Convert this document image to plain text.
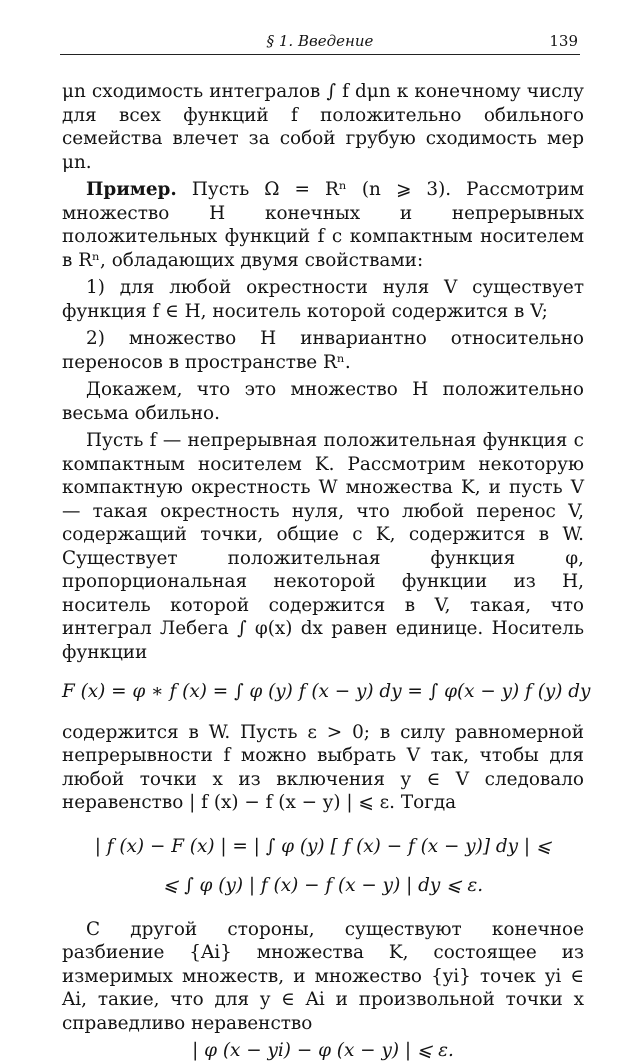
§ 1. Введение	139

μn сходимость интегралов ∫ f dμn к конечному числу для всех функций f положительно обильного семейства влечет за собой грубую сходимость мер μn.

Пример. Пусть Ω = Rⁿ (n ⩾ 3). Рассмотрим множество H конечных и непрерывных положительных функций f с компактным носителем в Rⁿ, обладающих двумя свойствами:

1) для любой окрестности нуля V существует функция f ∈ H, носитель которой содержится в V;

2) множество H инвариантно относительно переносов в пространстве Rⁿ.

Докажем, что это множество H положительно весьма обильно.

Пусть f — непрерывная положительная функция с компактным носителем K. Рассмотрим некоторую компактную окрестность W множества K, и пусть V — такая окрестность нуля, что любой перенос V, содержащий точки, общие с K, содержится в W. Существует положительная функция φ, пропорциональная некоторой функции из H, носитель которой содержится в V, такая, что интеграл Лебега ∫ φ(x) dx равен единице. Носитель функции

F (x) = φ ∗ f (x) = ∫ φ (y) f (x − y) dy = ∫ φ(x − y) f (y) dy

содержится в W. Пусть ε > 0; в силу равномерной непрерывности f можно выбрать V так, чтобы для любой точки x из включения y ∈ V следовало неравенство | f (x) − f (x − y) | ⩽ ε. Тогда

| f (x) − F (x) | = | ∫ φ (y) [ f (x) − f (x − y)] dy | ⩽
⩽ ∫ φ (y) | f (x) − f (x − y) | dy ⩽ ε.

С другой стороны, существуют конечное разбиение {Ai} множества K, состоящее из измеримых множеств, и множество {yi} точек yi ∈ Ai, такие, что для y ∈ Ai и произвольной точки x справедливо неравенство

| φ (x − yi) − φ (x − y) | ⩽ ε.
